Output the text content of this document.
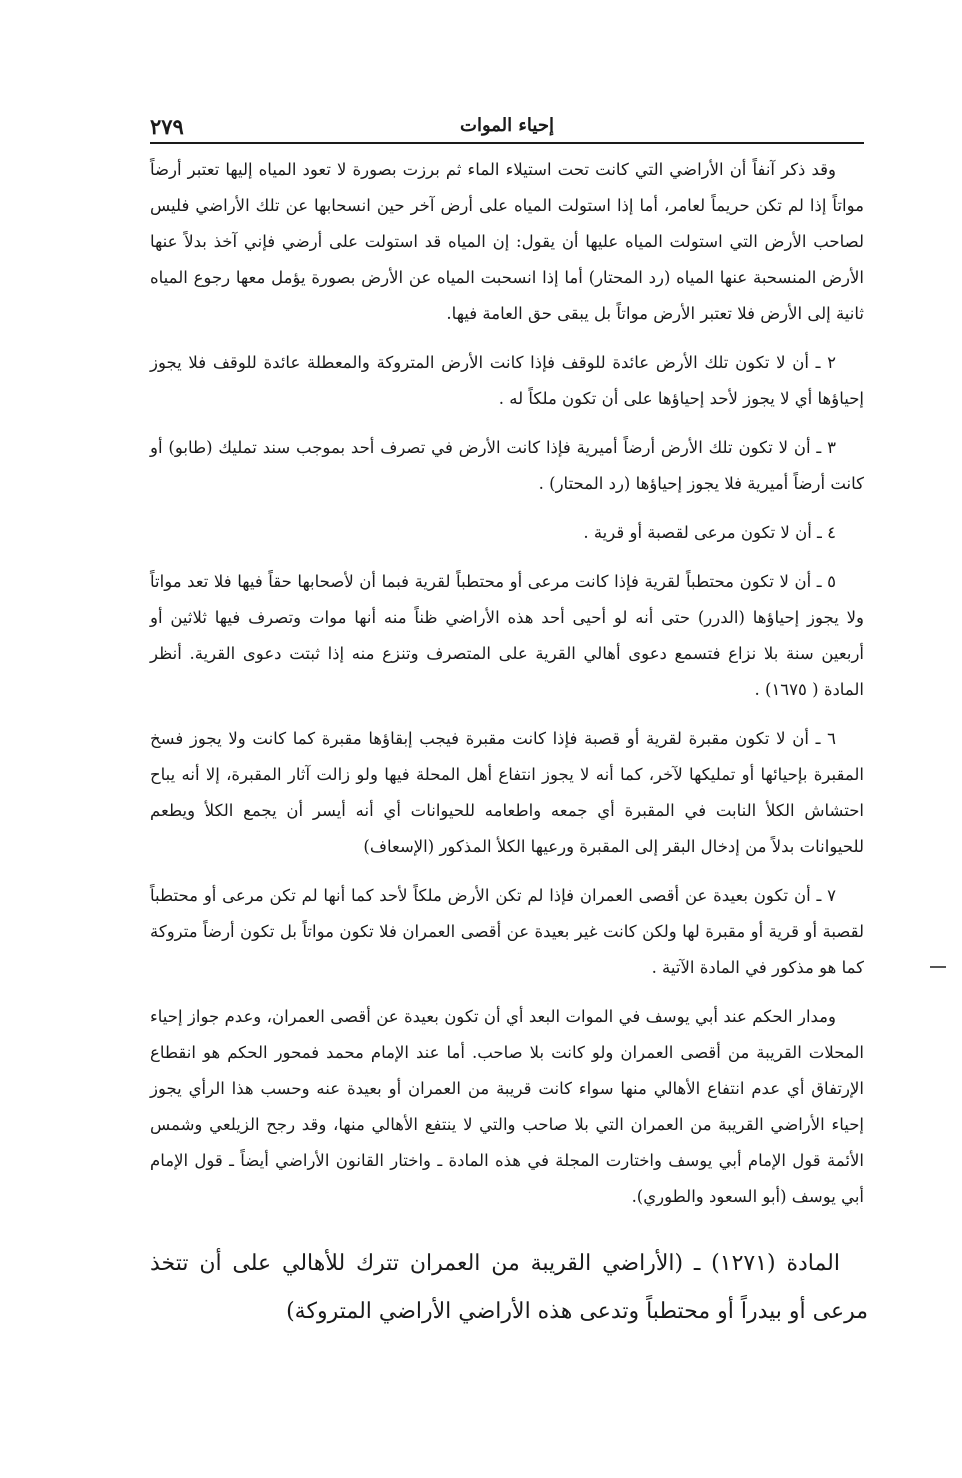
٢٧٩	إحياء الموات

وقد ذكر آنفاً أن الأراضي التي كانت تحت استيلاء الماء ثم برزت بصورة لا تعود المياه إليها تعتبر أرضاً مواتاً إذا لم تكن حريماً لعامر، أما إذا استولت المياه على أرض آخر حين انسحابها عن تلك الأراضي فليس لصاحب الأرض التي استولت المياه عليها أن يقول: إن المياه قد استولت على أرضي فإني آخذ بدلاً عنها الأرض المنسحبة عنها المياه (رد المحتار) أما إذا انسحبت المياه عن الأرض بصورة يؤمل معها رجوع المياه ثانية إلى الأرض فلا تعتبر الأرض مواتاً بل يبقى حق العامة فيها.

٢ ـ أن لا تكون تلك الأرض عائدة للوقف فإذا كانت الأرض المتروكة والمعطلة عائدة للوقف فلا يجوز إحياؤها أي لا يجوز لأحد إحياؤها على أن تكون ملكاً له .

٣ ـ أن لا تكون تلك الأرض أرضاً أميرية فإذا كانت الأرض في تصرف أحد بموجب سند تمليك (طابو) أو كانت أرضاً أميرية فلا يجوز إحياؤها (رد المحتار) .

٤ ـ أن لا تكون مرعى لقصبة أو قرية .

٥ ـ أن لا تكون محتطباً لقرية فإذا كانت مرعى أو محتطباً لقرية فبما أن لأصحابها حقاً فيها فلا تعد مواتاً ولا يجوز إحياؤها (الدرر) حتى أنه لو أحيى أحد هذه الأراضي ظناً منه أنها موات وتصرف فيها ثلاثين أو أربعين سنة بلا نزاع فتسمع دعوى أهالي القرية على المتصرف وتنزع منه إذا ثبتت دعوى القرية. أنظر المادة ( ١٦٧٥) .

٦ ـ أن لا تكون مقبرة لقرية أو قصبة فإذا كانت مقبرة فيجب إبقاؤها مقبرة كما كانت ولا يجوز فسخ المقبرة بإحيائها أو تمليكها لآخر، كما أنه لا يجوز انتفاع أهل المحلة فيها ولو زالت آثار المقبرة، إلا أنه يباح احتشاش الكلأ النابت في المقبرة أي جمعه واطعامه للحيوانات أي أنه أيسر أن يجمع الكلأ ويطعم للحيوانات بدلاً من إدخال البقر إلى المقبرة ورعيها الكلأ المذكور (الإسعاف)

٧ ـ أن تكون بعيدة عن أقصى العمران فإذا لم تكن الأرض ملكاً لأحد كما أنها لم تكن مرعى أو محتطباً لقصبة أو قرية أو مقبرة لها ولكن كانت غير بعيدة عن أقصى العمران فلا تكون مواتاً بل تكون أرضاً متروكة كما هو مذكور في المادة الآتية .

ومدار الحكم عند أبي يوسف في الموات البعد أي أن تكون بعيدة عن أقصى العمران، وعدم جواز إحياء المحلات القريبة من أقصى العمران ولو كانت بلا صاحب. أما عند الإمام محمد فمحور الحكم هو انقطاع الإرتفاق أي عدم انتفاع الأهالي منها سواء كانت قريبة من العمران أو بعيدة عنه وحسب هذا الرأي يجوز إحياء الأراضي القريبة من العمران التي بلا صاحب والتي لا ينتفع الأهالي منها، وقد رجح الزيلعي وشمس الأئمة قول الإمام أبي يوسف واختارت المجلة في هذه المادة ـ واختار القانون الأراضي أيضاً ـ قول الإمام أبي يوسف (أبو السعود والطوري).

المادة (١٢٧١) ـ (الأراضي القريبة من العمران تترك للأهالي على أن تتخذ مرعى أو بيدراً أو محتطباً وتدعى هذه الأراضي الأراضي المتروكة)
